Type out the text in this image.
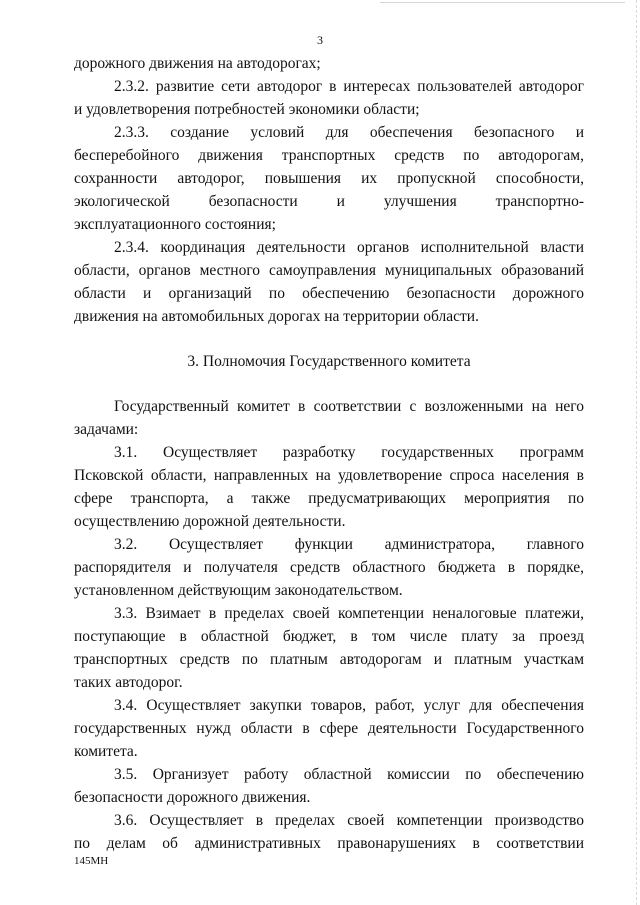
3
дорожного движения на автодорогах;
2.3.2. развитие сети автодорог в интересах пользователей автодорог
и удовлетворения потребностей экономики области;
2.3.3. создание условий для обеспечения безопасного и
бесперебойного движения транспортных средств по автодорогам,
сохранности автодорог, повышения их пропускной способности,
экологической безопасности и улучшения транспортно-
эксплуатационного состояния;
2.3.4. координация деятельности органов исполнительной власти
области, органов местного самоуправления муниципальных образований
области и организаций по обеспечению безопасности дорожного
движения на автомобильных дорогах на территории области.
3. Полномочия Государственного комитета
Государственный комитет в соответствии с возложенными на него
задачами:
3.1. Осуществляет разработку государственных программ
Псковской области, направленных на удовлетворение спроса населения в
сфере транспорта, а также предусматривающих мероприятия по
осуществлению дорожной деятельности.
3.2. Осуществляет функции администратора, главного
распорядителя и получателя средств областного бюджета в порядке,
установленном действующим законодательством.
3.3. Взимает в пределах своей компетенции неналоговые платежи,
поступающие в областной бюджет, в том числе плату за проезд
транспортных средств по платным автодорогам и платным участкам
таких автодорог.
3.4. Осуществляет закупки товаров, работ, услуг для обеспечения
государственных нужд области в сфере деятельности Государственного
комитета.
3.5. Организует работу областной комиссии по обеспечению
безопасности дорожного движения.
3.6. Осуществляет в пределах своей компетенции производство
по делам об административных правонарушениях в соответствии
145МН
